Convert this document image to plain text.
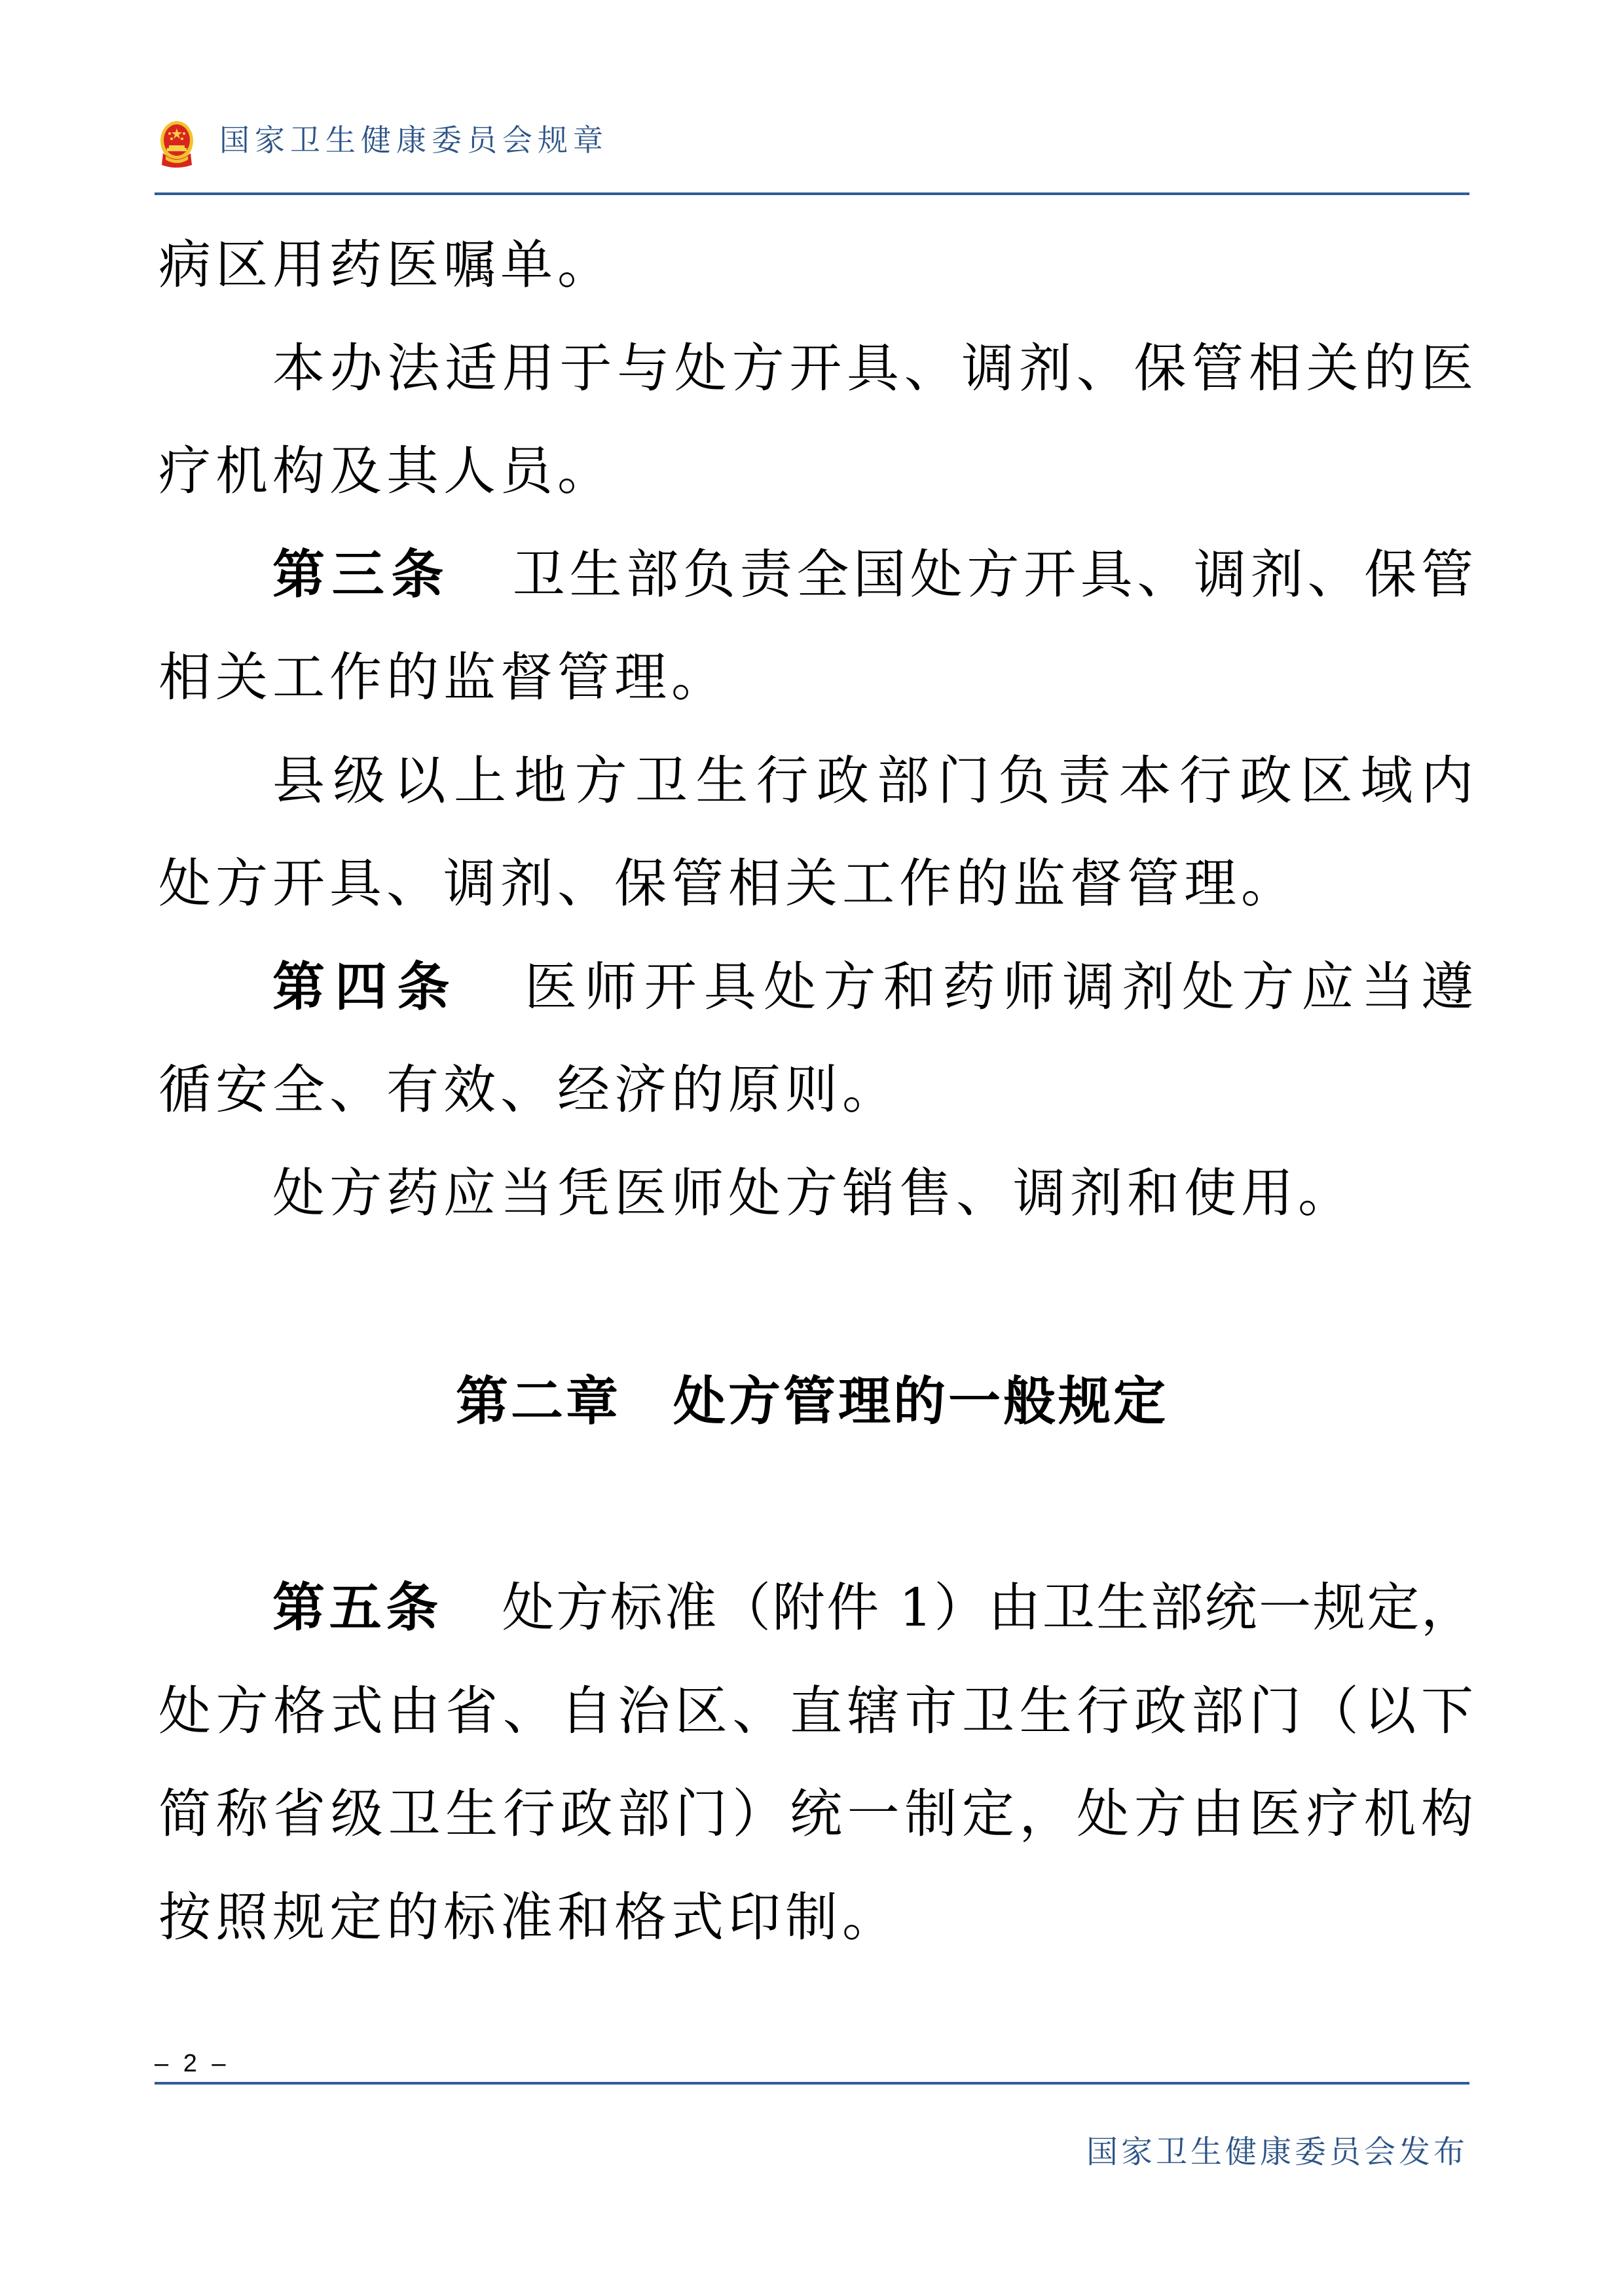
国家卫生健康委员会规章
病区用药医嘱单。
本办法适用于与处方开具、调剂、保管相关的医
疗机构及其人员。
第三条 卫生部负责全国处方开具、调剂、保管
相关工作的监督管理。
县级以上地方卫生行政部门负责本行政区域内
处方开具、调剂、保管相关工作的监督管理。
第四条 医师开具处方和药师调剂处方应当遵
循安全、有效、经济的原则。
处方药应当凭医师处方销售、调剂和使用。
第二章 处方管理的一般规定
第五条 处方标准（附件 1）由卫生部统一规定，
处方格式由省、自治区、直辖市卫生行政部门（以下
简称省级卫生行政部门）统一制定，处方由医疗机构
按照规定的标准和格式印制。
– 2 –
国家卫生健康委员会发布
